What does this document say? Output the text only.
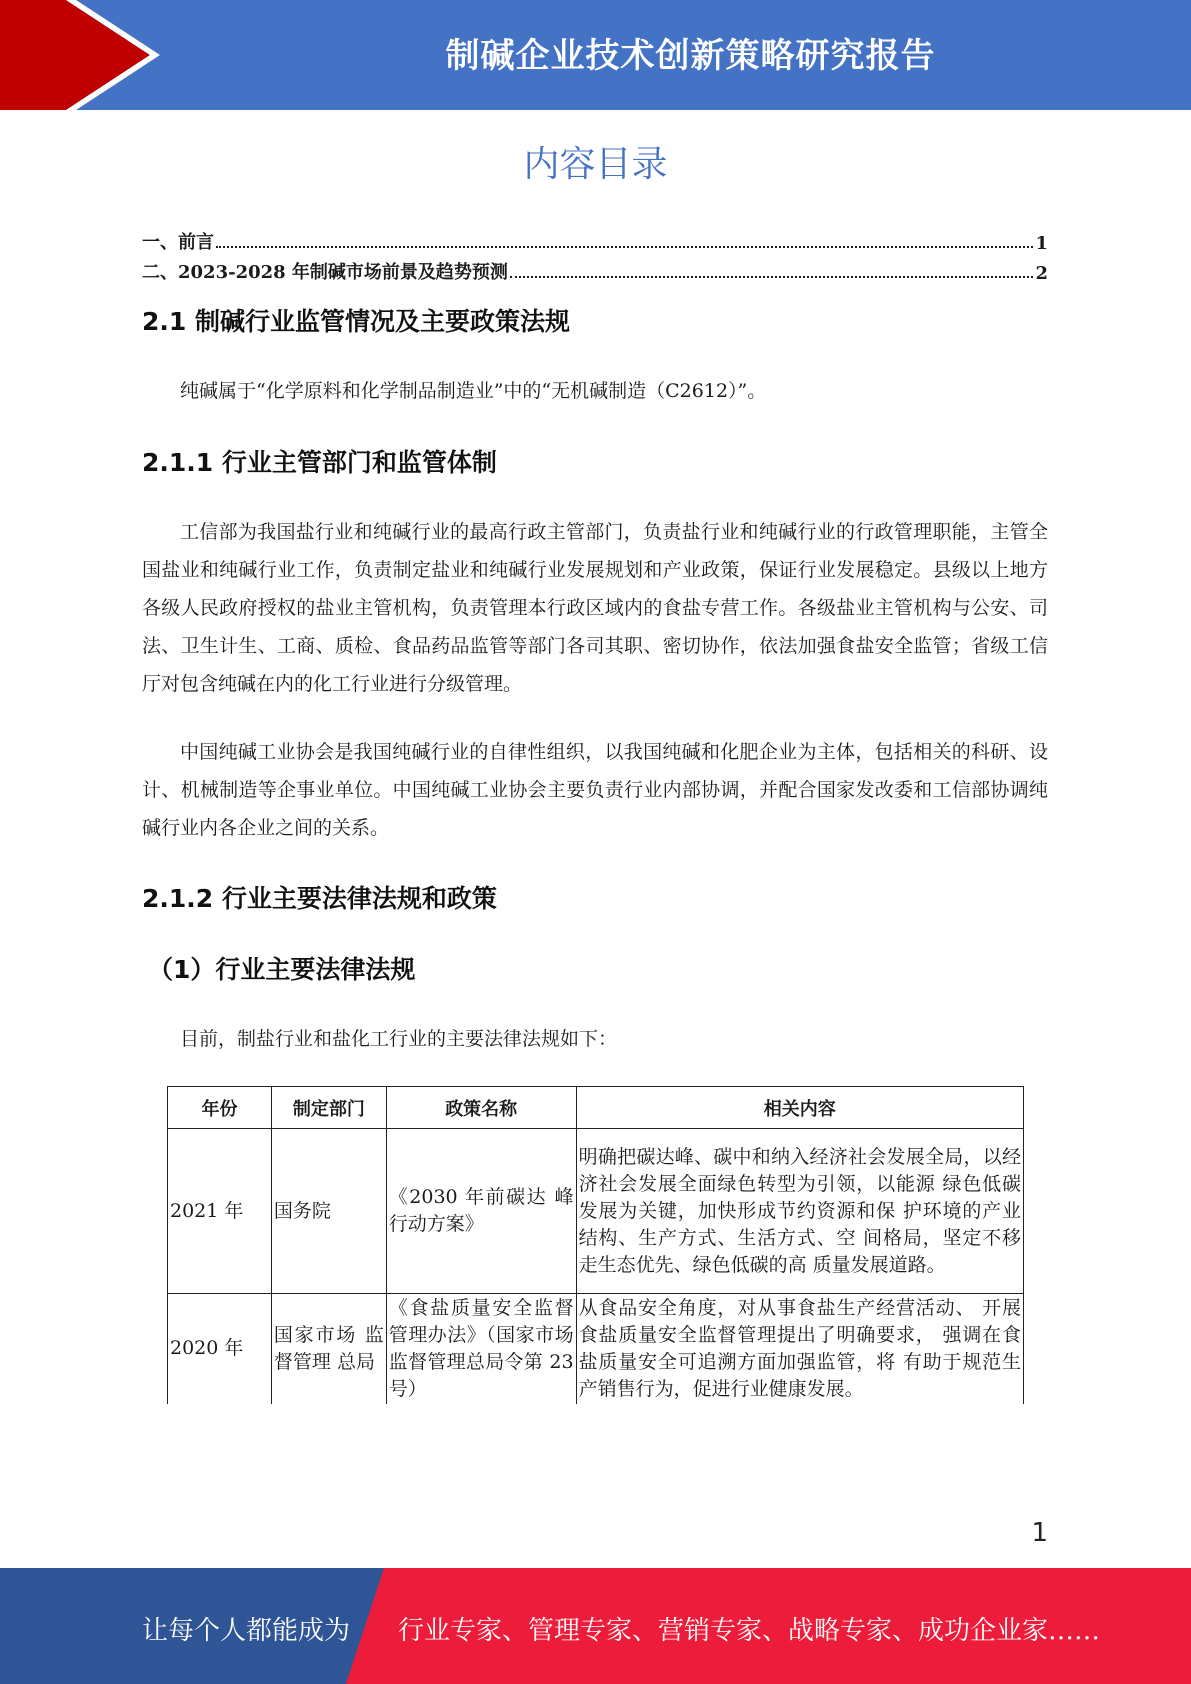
制碱企业技术创新策略研究报告
内容目录
一、前言	1
二、2023-2028 年制碱市场前景及趋势预测	2
2.1 制碱行业监管情况及主要政策法规
纯碱属于“化学原料和化学制品制造业”中的“无机碱制造（C2612）”。
2.1.1 行业主管部门和监管体制
工信部为我国盐行业和纯碱行业的最高行政主管部门，负责盐行业和纯碱行业的行政管理职能，主管全国盐业和纯碱行业工作，负责制定盐业和纯碱行业发展规划和产业政策，保证行业发展稳定。县级以上地方各级人民政府授权的盐业主管机构，负责管理本行政区域内的食盐专营工作。各级盐业主管机构与公安、司法、卫生计生、工商、质检、食品药品监管等部门各司其职、密切协作，依法加强食盐安全监管；省级工信厅对包含纯碱在内的化工行业进行分级管理。
中国纯碱工业协会是我国纯碱行业的自律性组织，以我国纯碱和化肥企业为主体，包括相关的科研、设计、机械制造等企事业单位。中国纯碱工业协会主要负责行业内部协调，并配合国家发改委和工信部协调纯碱行业内各企业之间的关系。
2.1.2 行业主要法律法规和政策
（1）行业主要法律法规
目前，制盐行业和盐化工行业的主要法律法规如下：
年份	制定部门	政策名称	相关内容
2021 年	国务院	《2030 年前碳达 峰行动方案》	明确把碳达峰、碳中和纳入经济社会发展全局，以经济社会发展全面绿色转型为引领，以能源 绿色低碳发展为关键，加快形成节约资源和保 护环境的产业结构、生产方式、生活方式、空 间格局，坚定不移走生态优先、绿色低碳的高 质量发展道路。
2020 年	国家市场 监督管理 总局	《食盐质量安全监督管理办法》（国家市场监督管理总局令第 23 号）	从食品安全角度，对从事食盐生产经营活动、 开展食盐质量安全监督管理提出了明确要求， 强调在食盐质量安全可追溯方面加强监管，将 有助于规范生产销售行为，促进行业健康发展。
1
让每个人都能成为 行业专家、管理专家、营销专家、战略专家、成功企业家……
